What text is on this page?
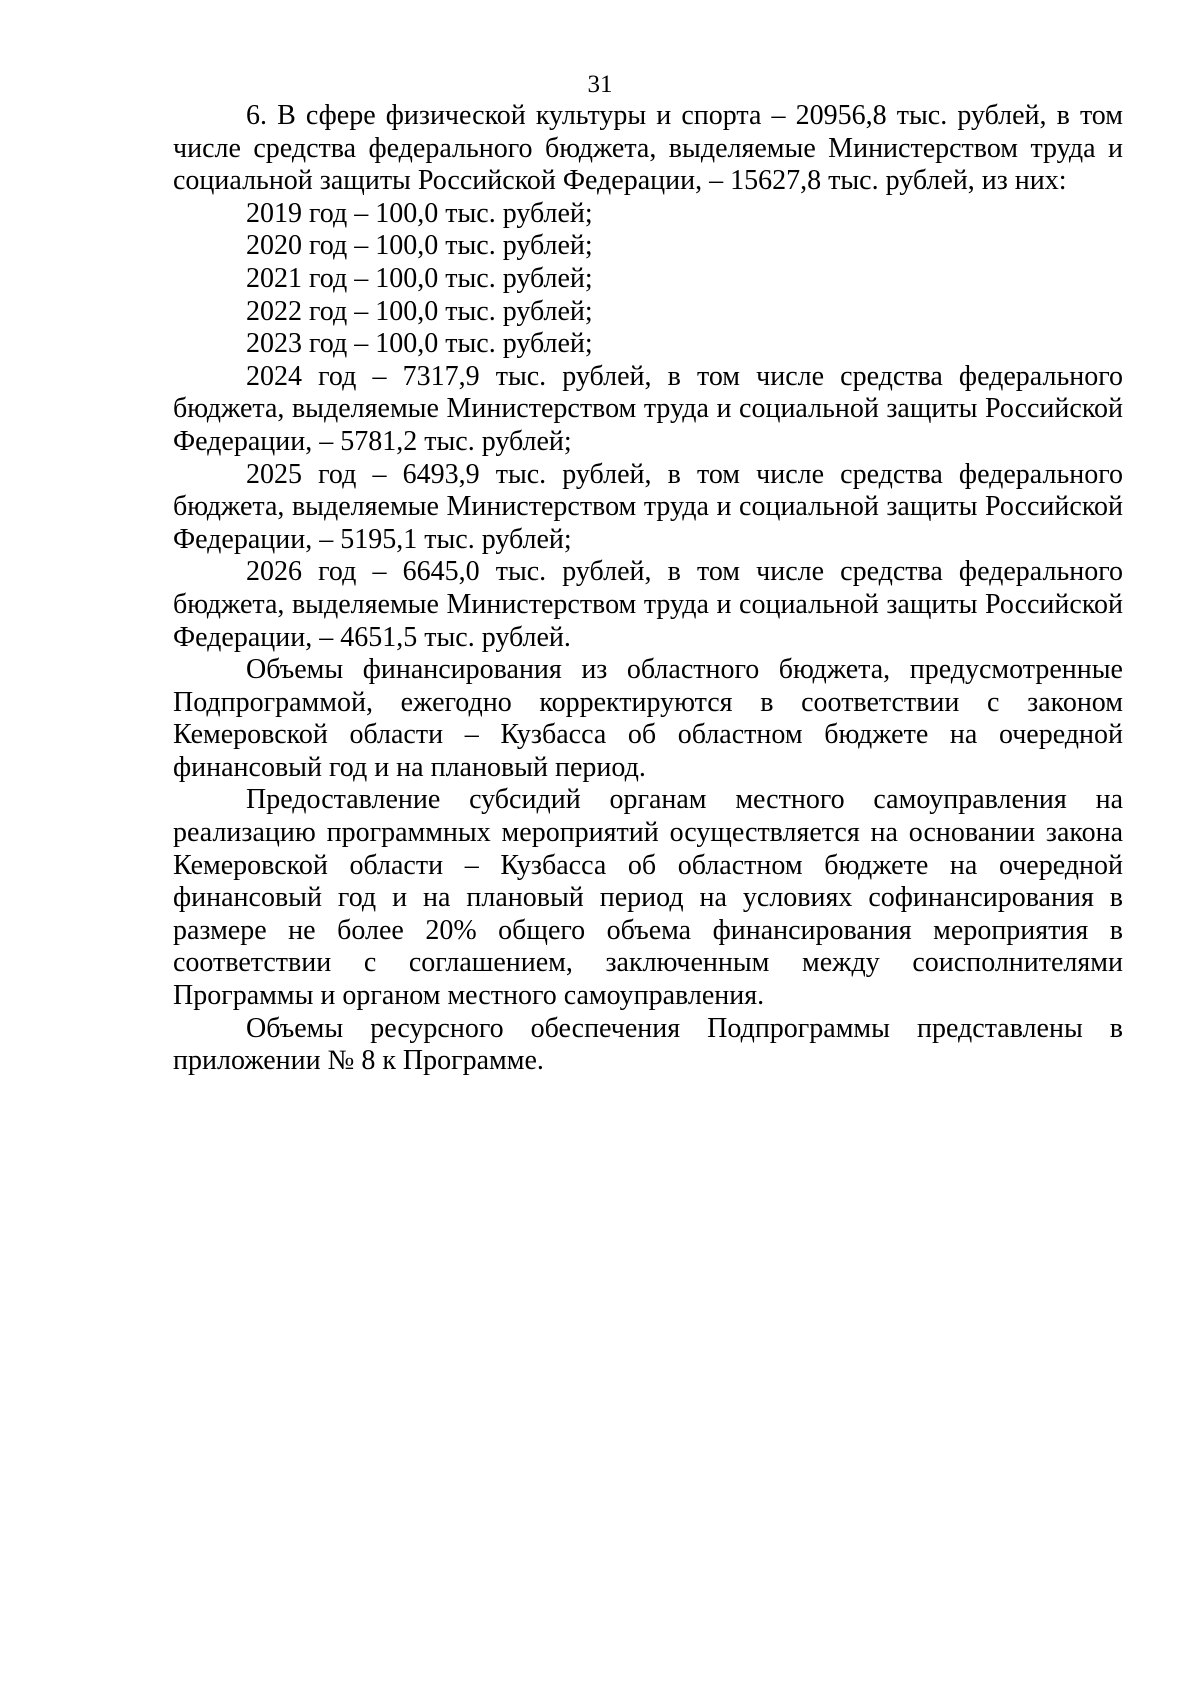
31

6. В сфере физической культуры и спорта – 20956,8 тыс. рублей, в том числе средства федерального бюджета, выделяемые Министерством труда и социальной защиты Российской Федерации, – 15627,8 тыс. рублей, из них:

2019 год – 100,0 тыс. рублей;

2020 год – 100,0 тыс. рублей;

2021 год – 100,0 тыс. рублей;

2022 год – 100,0 тыс. рублей;

2023 год – 100,0 тыс. рублей;

2024 год – 7317,9 тыс. рублей, в том числе средства федерального бюджета, выделяемые Министерством труда и социальной защиты Российской Федерации, – 5781,2 тыс. рублей;

2025 год – 6493,9 тыс. рублей, в том числе средства федерального бюджета, выделяемые Министерством труда и социальной защиты Российской Федерации, – 5195,1 тыс. рублей;

2026 год – 6645,0 тыс. рублей, в том числе средства федерального бюджета, выделяемые Министерством труда и социальной защиты Российской Федерации, – 4651,5 тыс. рублей.

Объемы финансирования из областного бюджета, предусмотренные Подпрограммой, ежегодно корректируются в соответствии с законом Кемеровской области – Кузбасса об областном бюджете на очередной финансовый год и на плановый период.

Предоставление субсидий органам местного самоуправления на реализацию программных мероприятий осуществляется на основании закона Кемеровской области – Кузбасса об областном бюджете на очередной финансовый год и на плановый период на условиях софинансирования в размере не более 20% общего объема финансирования мероприятия в соответствии с соглашением, заключенным между соисполнителями Программы и органом местного самоуправления.

Объемы ресурсного обеспечения Подпрограммы представлены в приложении № 8 к Программе.
